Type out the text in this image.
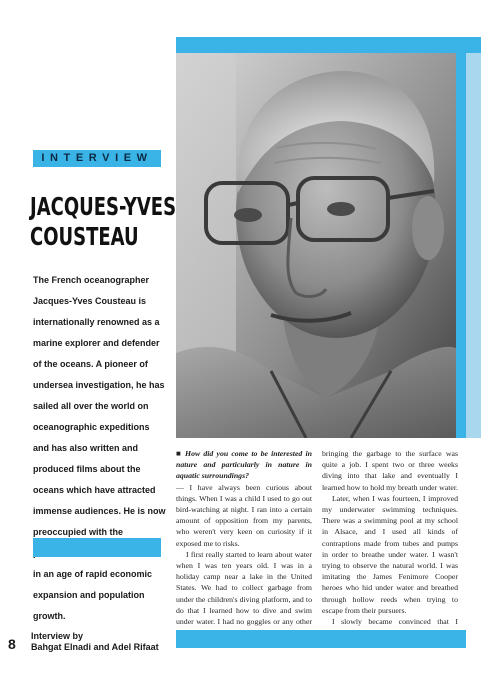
INTERVIEW
JACQUES-YVES
COUSTEAU
The French oceanographer Jacques-Yves Cousteau is internationally renowned as a marine explorer and defender of the oceans. A pioneer of undersea investigation, he has sailed all over the world on oceanographic expeditions and has also written and produced films about the oceans which have attracted immense audiences. He is now preoccupied with the in an age of rapid economic expansion and population growth.

■ How did you come to be interested in nature and particularly in nature in aquatic surroundings?

— I have always been curious about things. When I was a child I used to go out bird-watching at night. I ran into a certain amount of opposition from my parents, who weren't very keen on curiosity if it exposed me to risks.

I first really started to learn about water when I was ten years old. I was in a holiday camp near a lake in the United States. We had to collect garbage from under the children's diving platform, and to do that I learned how to dive and swim under water. I had no goggles or any other

bringing the garbage to the surface was quite a job. I spent two or three weeks diving into that lake and eventually I learned how to hold my breath under water.

Later, when I was fourteen, I improved my underwater swimming techniques. There was a swimming pool at my school in Alsace, and I used all kinds of contraptions made from tubes and pumps in order to breathe under water. I wasn't trying to observe the natural world. I was imitating the James Fenimore Cooper heroes who hid under water and breathed through hollow reeds when trying to escape from their pursuers.

I slowly became convinced that I

8 Interview by
Bahgat Elnadi and Adel Rifaat
